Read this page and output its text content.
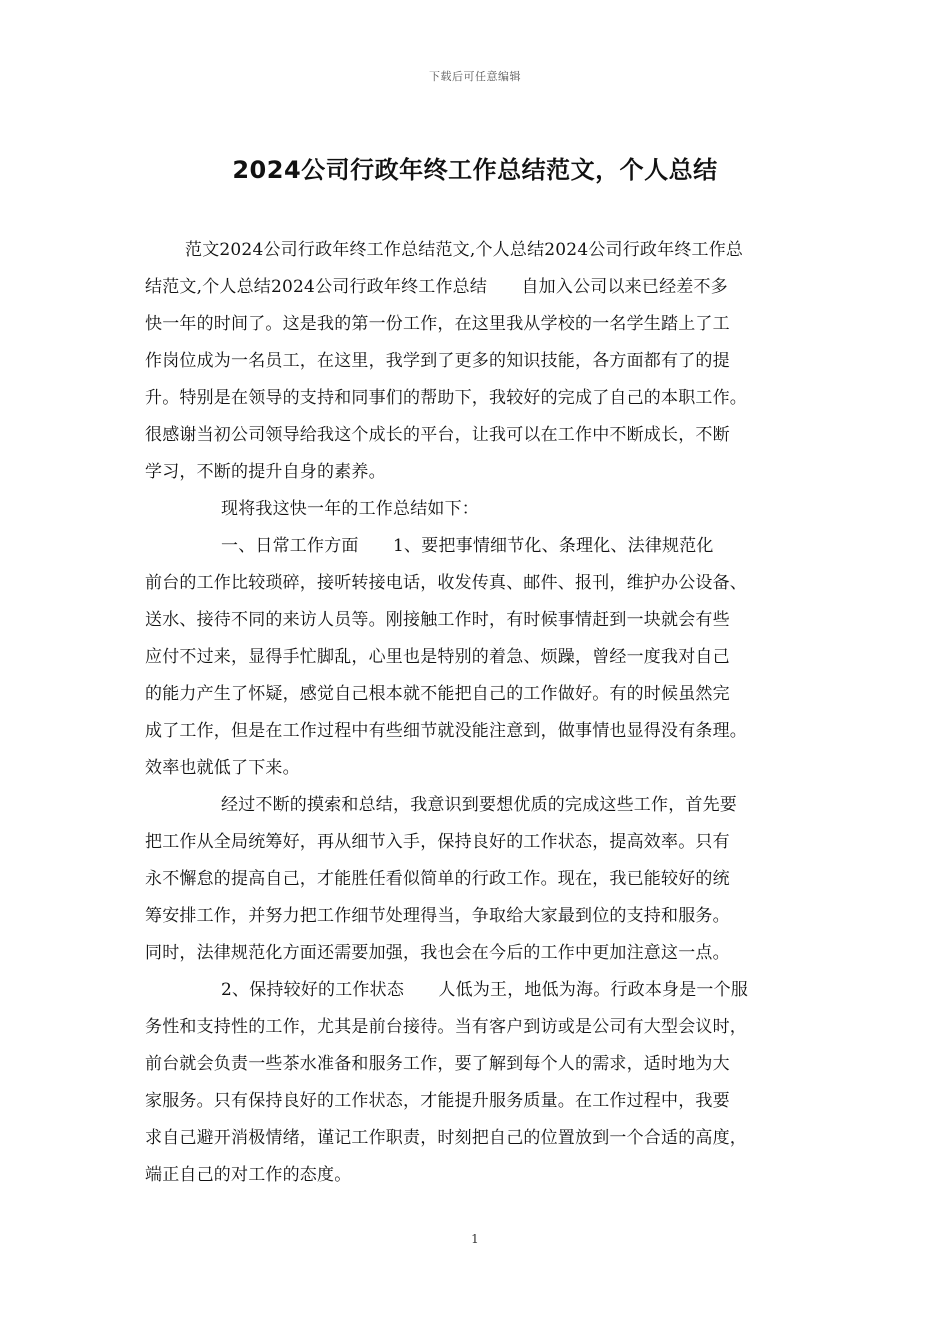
下载后可任意编辑
2024公司行政年终工作总结范文，个人总结
范文2024公司行政年终工作总结范文,个人总结2024公司行政年终工作总
结范文,个人总结2024公司行政年终工作总结　　自加入公司以来已经差不多
快一年的时间了。这是我的第一份工作，在这里我从学校的一名学生踏上了工
作岗位成为一名员工，在这里，我学到了更多的知识技能，各方面都有了的提
升。特别是在领导的支持和同事们的帮助下，我较好的完成了自己的本职工作。
很感谢当初公司领导给我这个成长的平台，让我可以在工作中不断成长，不断
学习，不断的提升自身的素养。
现将我这快一年的工作总结如下：
一、日常工作方面　　1、要把事情细节化、条理化、法律规范化
前台的工作比较琐碎，接听转接电话，收发传真、邮件、报刊，维护办公设备、
送水、接待不同的来访人员等。刚接触工作时，有时候事情赶到一块就会有些
应付不过来，显得手忙脚乱，心里也是特别的着急、烦躁，曾经一度我对自己
的能力产生了怀疑，感觉自己根本就不能把自己的工作做好。有的时候虽然完
成了工作，但是在工作过程中有些细节就没能注意到，做事情也显得没有条理。
效率也就低了下来。
经过不断的摸索和总结，我意识到要想优质的完成这些工作，首先要
把工作从全局统筹好，再从细节入手，保持良好的工作状态，提高效率。只有
永不懈怠的提高自己，才能胜任看似简单的行政工作。现在，我已能较好的统
筹安排工作，并努力把工作细节处理得当，争取给大家最到位的支持和服务。
同时，法律规范化方面还需要加强，我也会在今后的工作中更加注意这一点。
2、保持较好的工作状态　　人低为王，地低为海。行政本身是一个服
务性和支持性的工作，尤其是前台接待。当有客户到访或是公司有大型会议时，
前台就会负责一些茶水准备和服务工作，要了解到每个人的需求，适时地为大
家服务。只有保持良好的工作状态，才能提升服务质量。在工作过程中，我要
求自己避开消极情绪，谨记工作职责，时刻把自己的位置放到一个合适的高度，
端正自己的对工作的态度。
1
